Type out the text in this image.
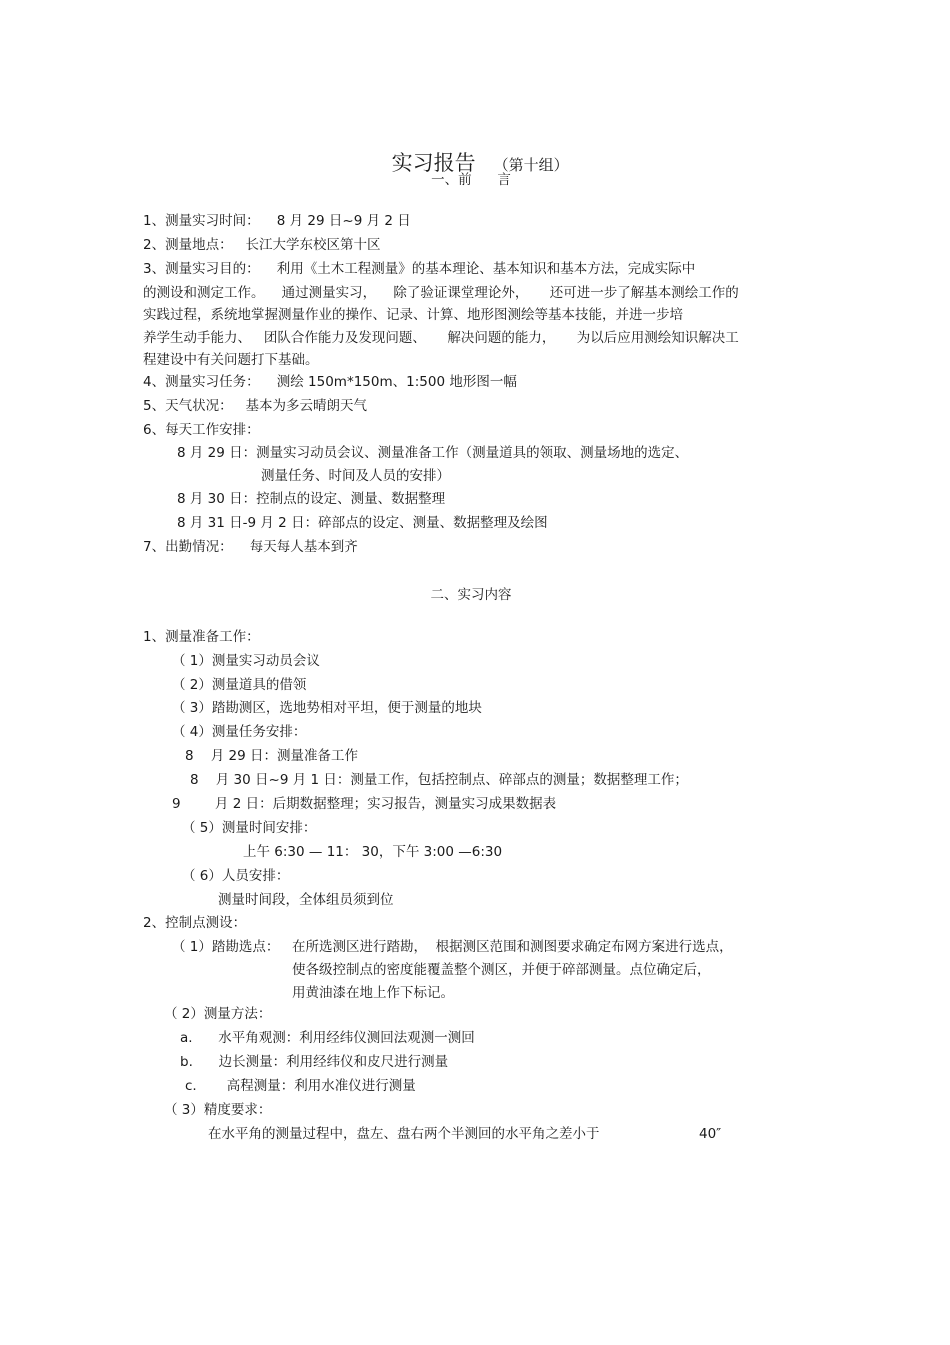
实习报告 （第十组）

一、前      言
1、测量实习时间：    8 月 29 日~9 月 2 日
2、测量地点：   长江大学东校区第十区
3、测量实习目的：    利用《土木工程测量》的基本理论、基本知识和基本方法，完成实际中
的测设和测定工作。    通过测量实习，    除了验证课堂理论外，     还可进一步了解基本测绘工作的
实践过程，系统地掌握测量作业的操作、记录、计算、地形图测绘等基本技能，并进一步培
养学生动手能力、   团队合作能力及发现问题、     解决问题的能力，     为以后应用测绘知识解决工
程建设中有关问题打下基础。
4、测量实习任务：    测绘 150m*150m、1:500 地形图一幅
5、天气状况：   基本为多云晴朗天气
6、每天工作安排：
8 月 29 日：测量实习动员会议、测量准备工作（测量道具的领取、测量场地的选定、
测量任务、时间及人员的安排）
8 月 30 日：控制点的设定、测量、数据整理
8 月 31 日-9 月 2 日：碎部点的设定、测量、数据整理及绘图
7、出勤情况：    每天每人基本到齐
二、实习内容
1、测量准备工作：
（ 1）测量实习动员会议
（ 2）测量道具的借领
（ 3）踏勘测区，选地势相对平坦，便于测量的地块
（ 4）测量任务安排：
8    月 29 日：测量准备工作
8    月 30 日~9 月 1 日：测量工作，包括控制点、碎部点的测量；数据整理工作；
9        月 2 日：后期数据整理；实习报告，测量实习成果数据表
（ 5）测量时间安排：
上午 6:30 — 11： 30，下午 3:00 —6:30
（ 6）人员安排：
测量时间段，全体组员须到位
2、控制点测设：
（ 1）踏勘选点： 在所选测区进行踏勘，  根据测区范围和测图要求确定布网方案进行选点，
使各级控制点的密度能覆盖整个测区，并便于碎部测量。点位确定后，
用黄油漆在地上作下标记。
（ 2）测量方法：
a.      水平角观测：利用经纬仪测回法观测一测回
b.      边长测量：利用经纬仪和皮尺进行测量
c.       高程测量：利用水准仪进行测量
（ 3）精度要求：
在水平角的测量过程中，盘左、盘右两个半测回的水平角之差小于	40″
